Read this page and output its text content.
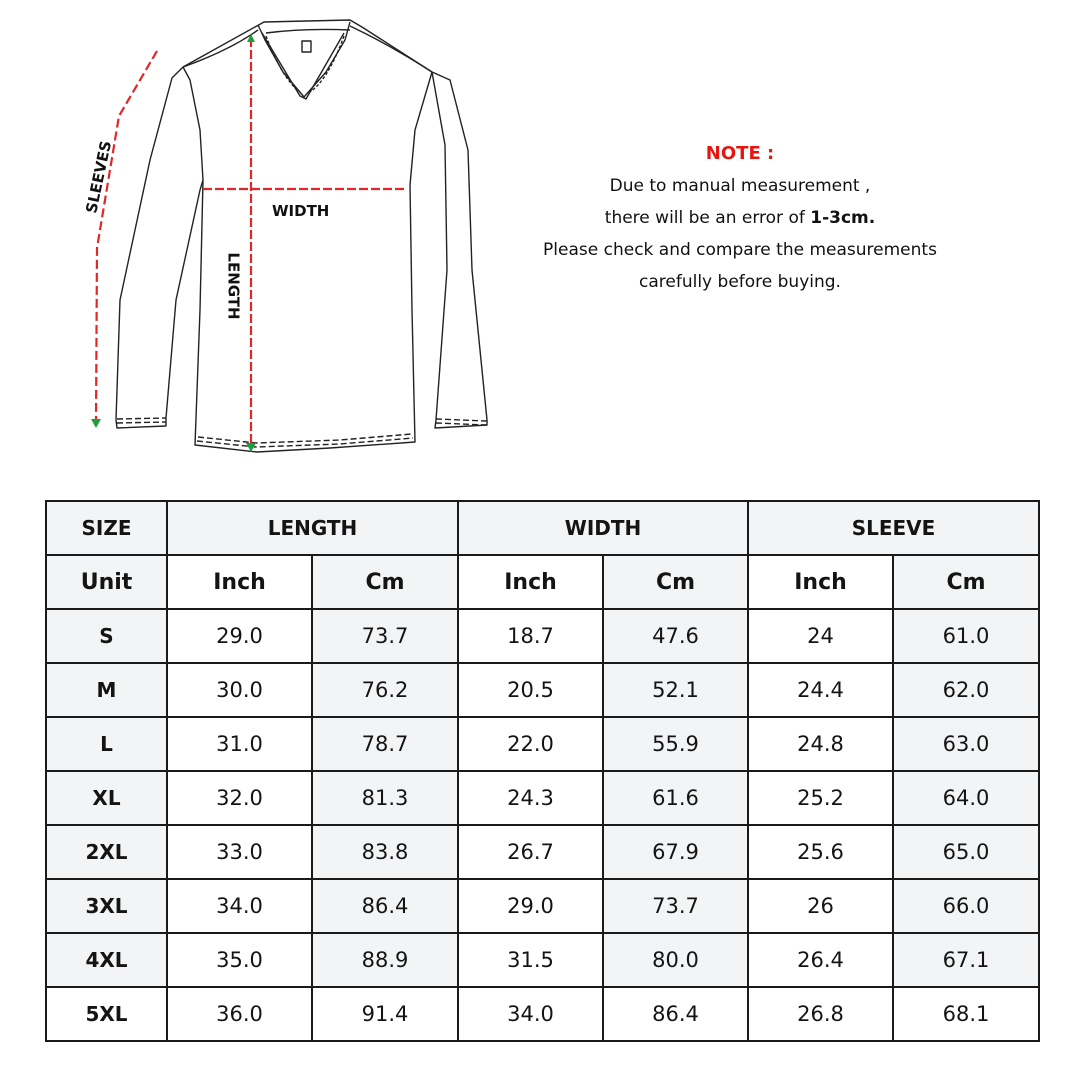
WIDTH
LENGTH
SLEEVES	NOTE :
Due to manual measurement ,
there will be an error of 1-3cm.
Please check and compare the measurements
carefully before buying.
SIZE	LENGTH		WIDTH		SLEEVE	
Unit	Inch	Cm	Inch	Cm	Inch	Cm
S	29.0	73.7	18.7	47.6	24	61.0
M	30.0	76.2	20.5	52.1	24.4	62.0
L	31.0	78.7	22.0	55.9	24.8	63.0
XL	32.0	81.3	24.3	61.6	25.2	64.0
2XL	33.0	83.8	26.7	67.9	25.6	65.0
3XL	34.0	86.4	29.0	73.7	26	66.0
4XL	35.0	88.9	31.5	80.0	26.4	67.1
5XL	36.0	91.4	34.0	86.4	26.8	68.1
